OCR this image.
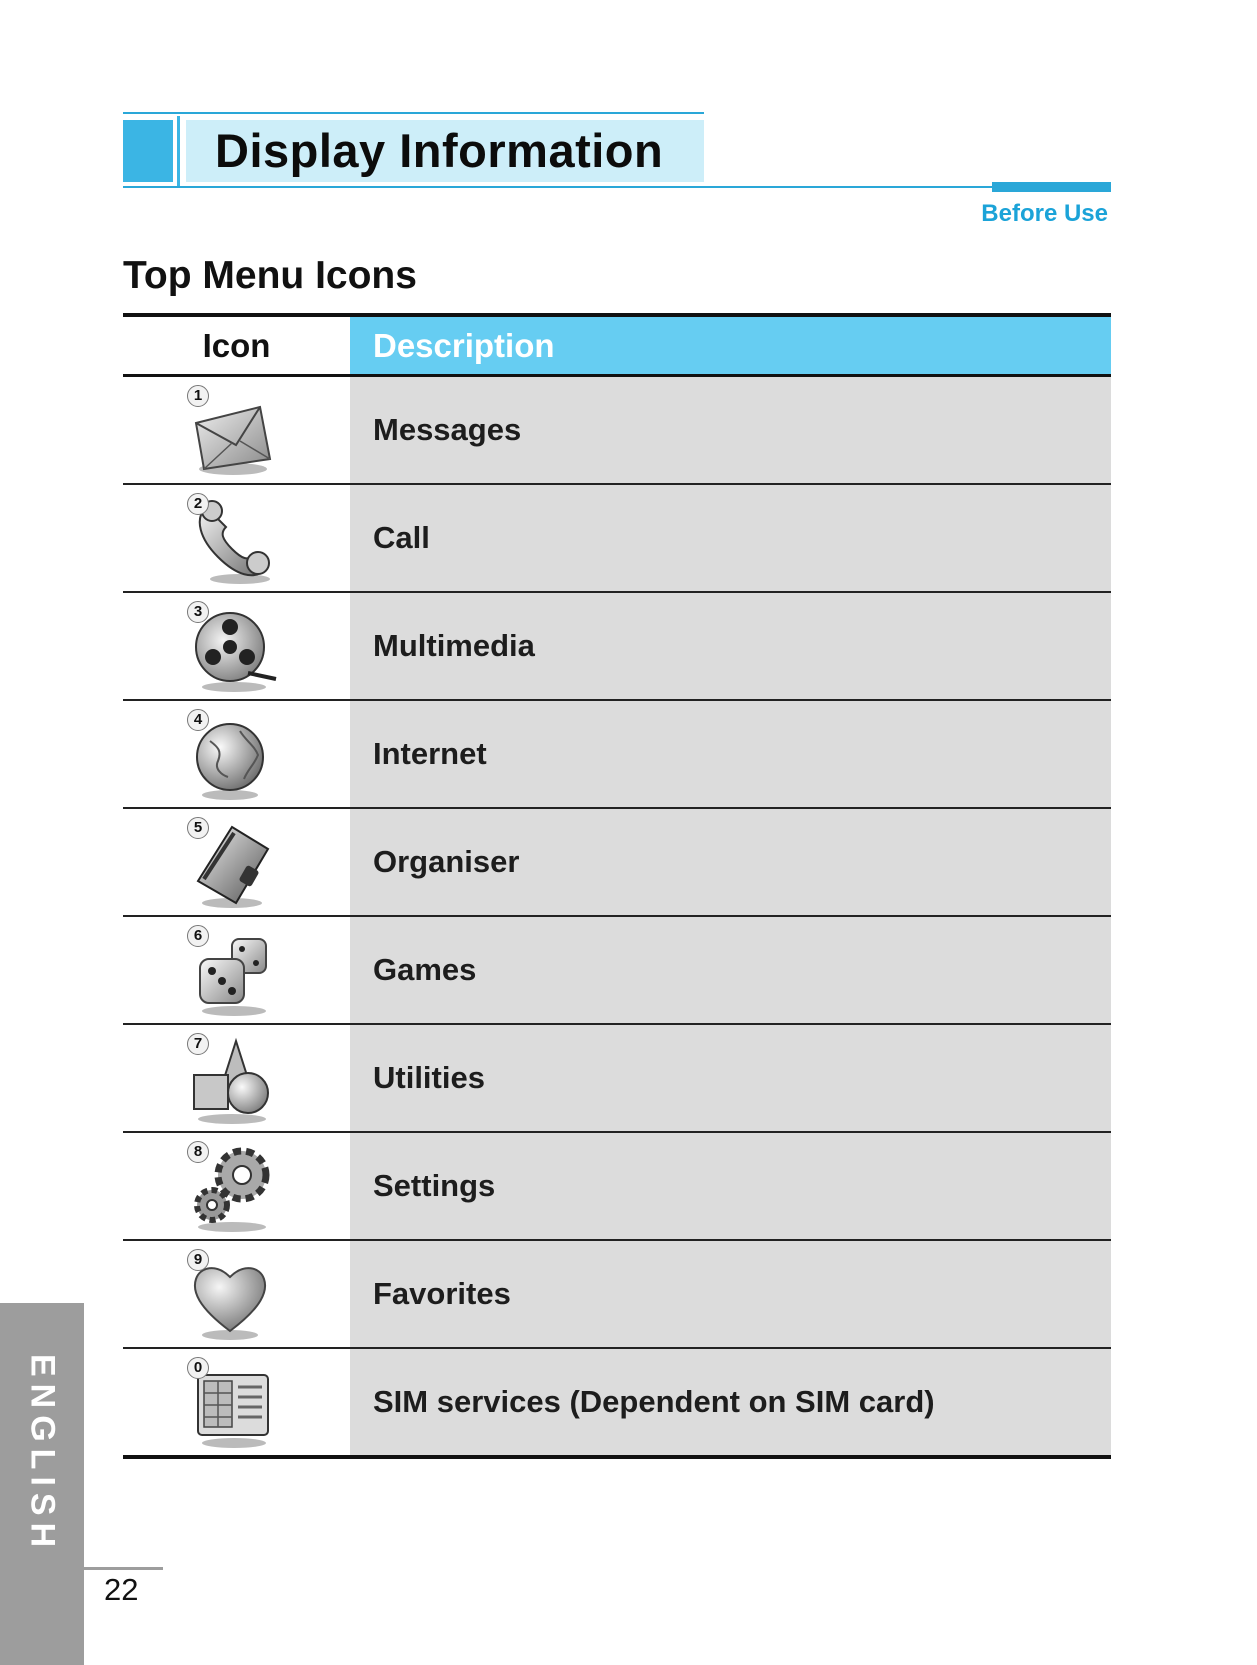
Display Information
Before Use
Top Menu Icons
Icon	Description
1
Messages
2
Call
3
Multimedia
4
Internet
5
Organiser
6
Games
7
Utilities
8
Settings
9
Favorites
0
SIM services (Dependent on SIM card)
ENGLISH
22
